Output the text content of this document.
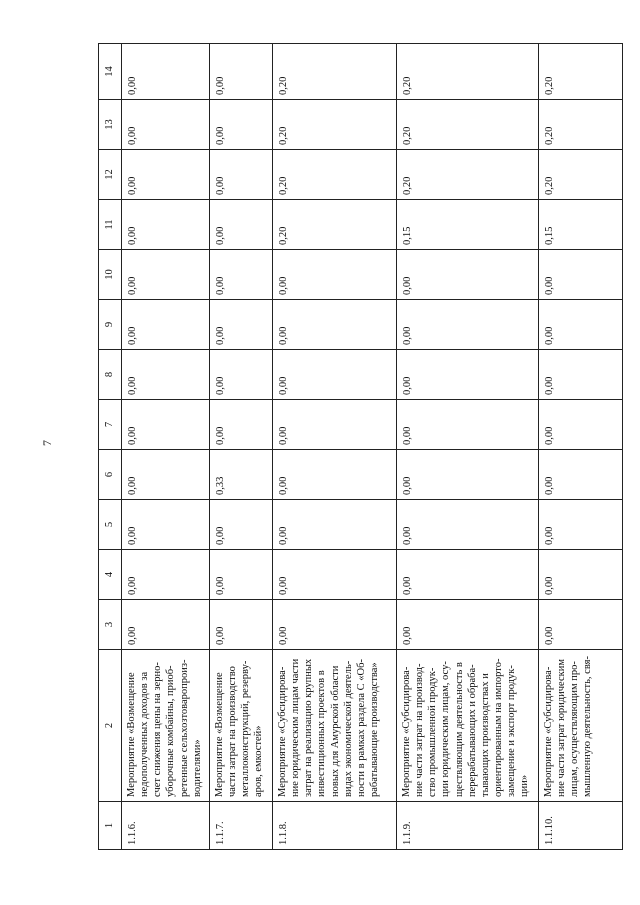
7
1	2	3	4	5	6	7	8	9	10	11	12	13	14
1.1.6.	Мероприятие «Возмещение недополученных доходов за счет снижения цены на зерно-уборочные комбайны, приоб-ретенные сельхозтоваропроиз-водителями»	0,00	0,00	0,00	0,00	0,00	0,00	0,00	0,00	0,00	0,00	0,00	0,00
1.1.7.	Мероприятие «Возмещение части затрат на производство металлоконструкций, резерву-аров, емкостей»	0,00	0,00	0,00	0,33	0,00	0,00	0,00	0,00	0,00	0,00	0,00	0,00
1.1.8.	Мероприятие «Субсидирова-ние юридическим лицам части затрат на реализацию крупных инвестиционных проектов в новых для Амурской области видах экономической деятель-ности в рамках раздела С «Об-рабатывающие производства»	0,00	0,00	0,00	0,00	0,00	0,00	0,00	0,00	0,20	0,20	0,20	0,20
1.1.9.	Мероприятие «Субсидирова-ние части затрат на производ-ство промышленной продук-ции юридическим лицам, осу-ществляющим деятельность в перерабатывающих и обраба-тывающих производствах и ориентированным на импорто-замещение и экспорт продук-ции»	0,00	0,00	0,00	0,00	0,00	0,00	0,00	0,00	0,15	0,20	0,20	0,20
1.1.10.	Мероприятие «Субсидирова-ние части затрат юридическим лицам, осуществляющим про-мышленную деятельность, свя-	0,00	0,00	0,00	0,00	0,00	0,00	0,00	0,00	0,15	0,20	0,20	0,20
